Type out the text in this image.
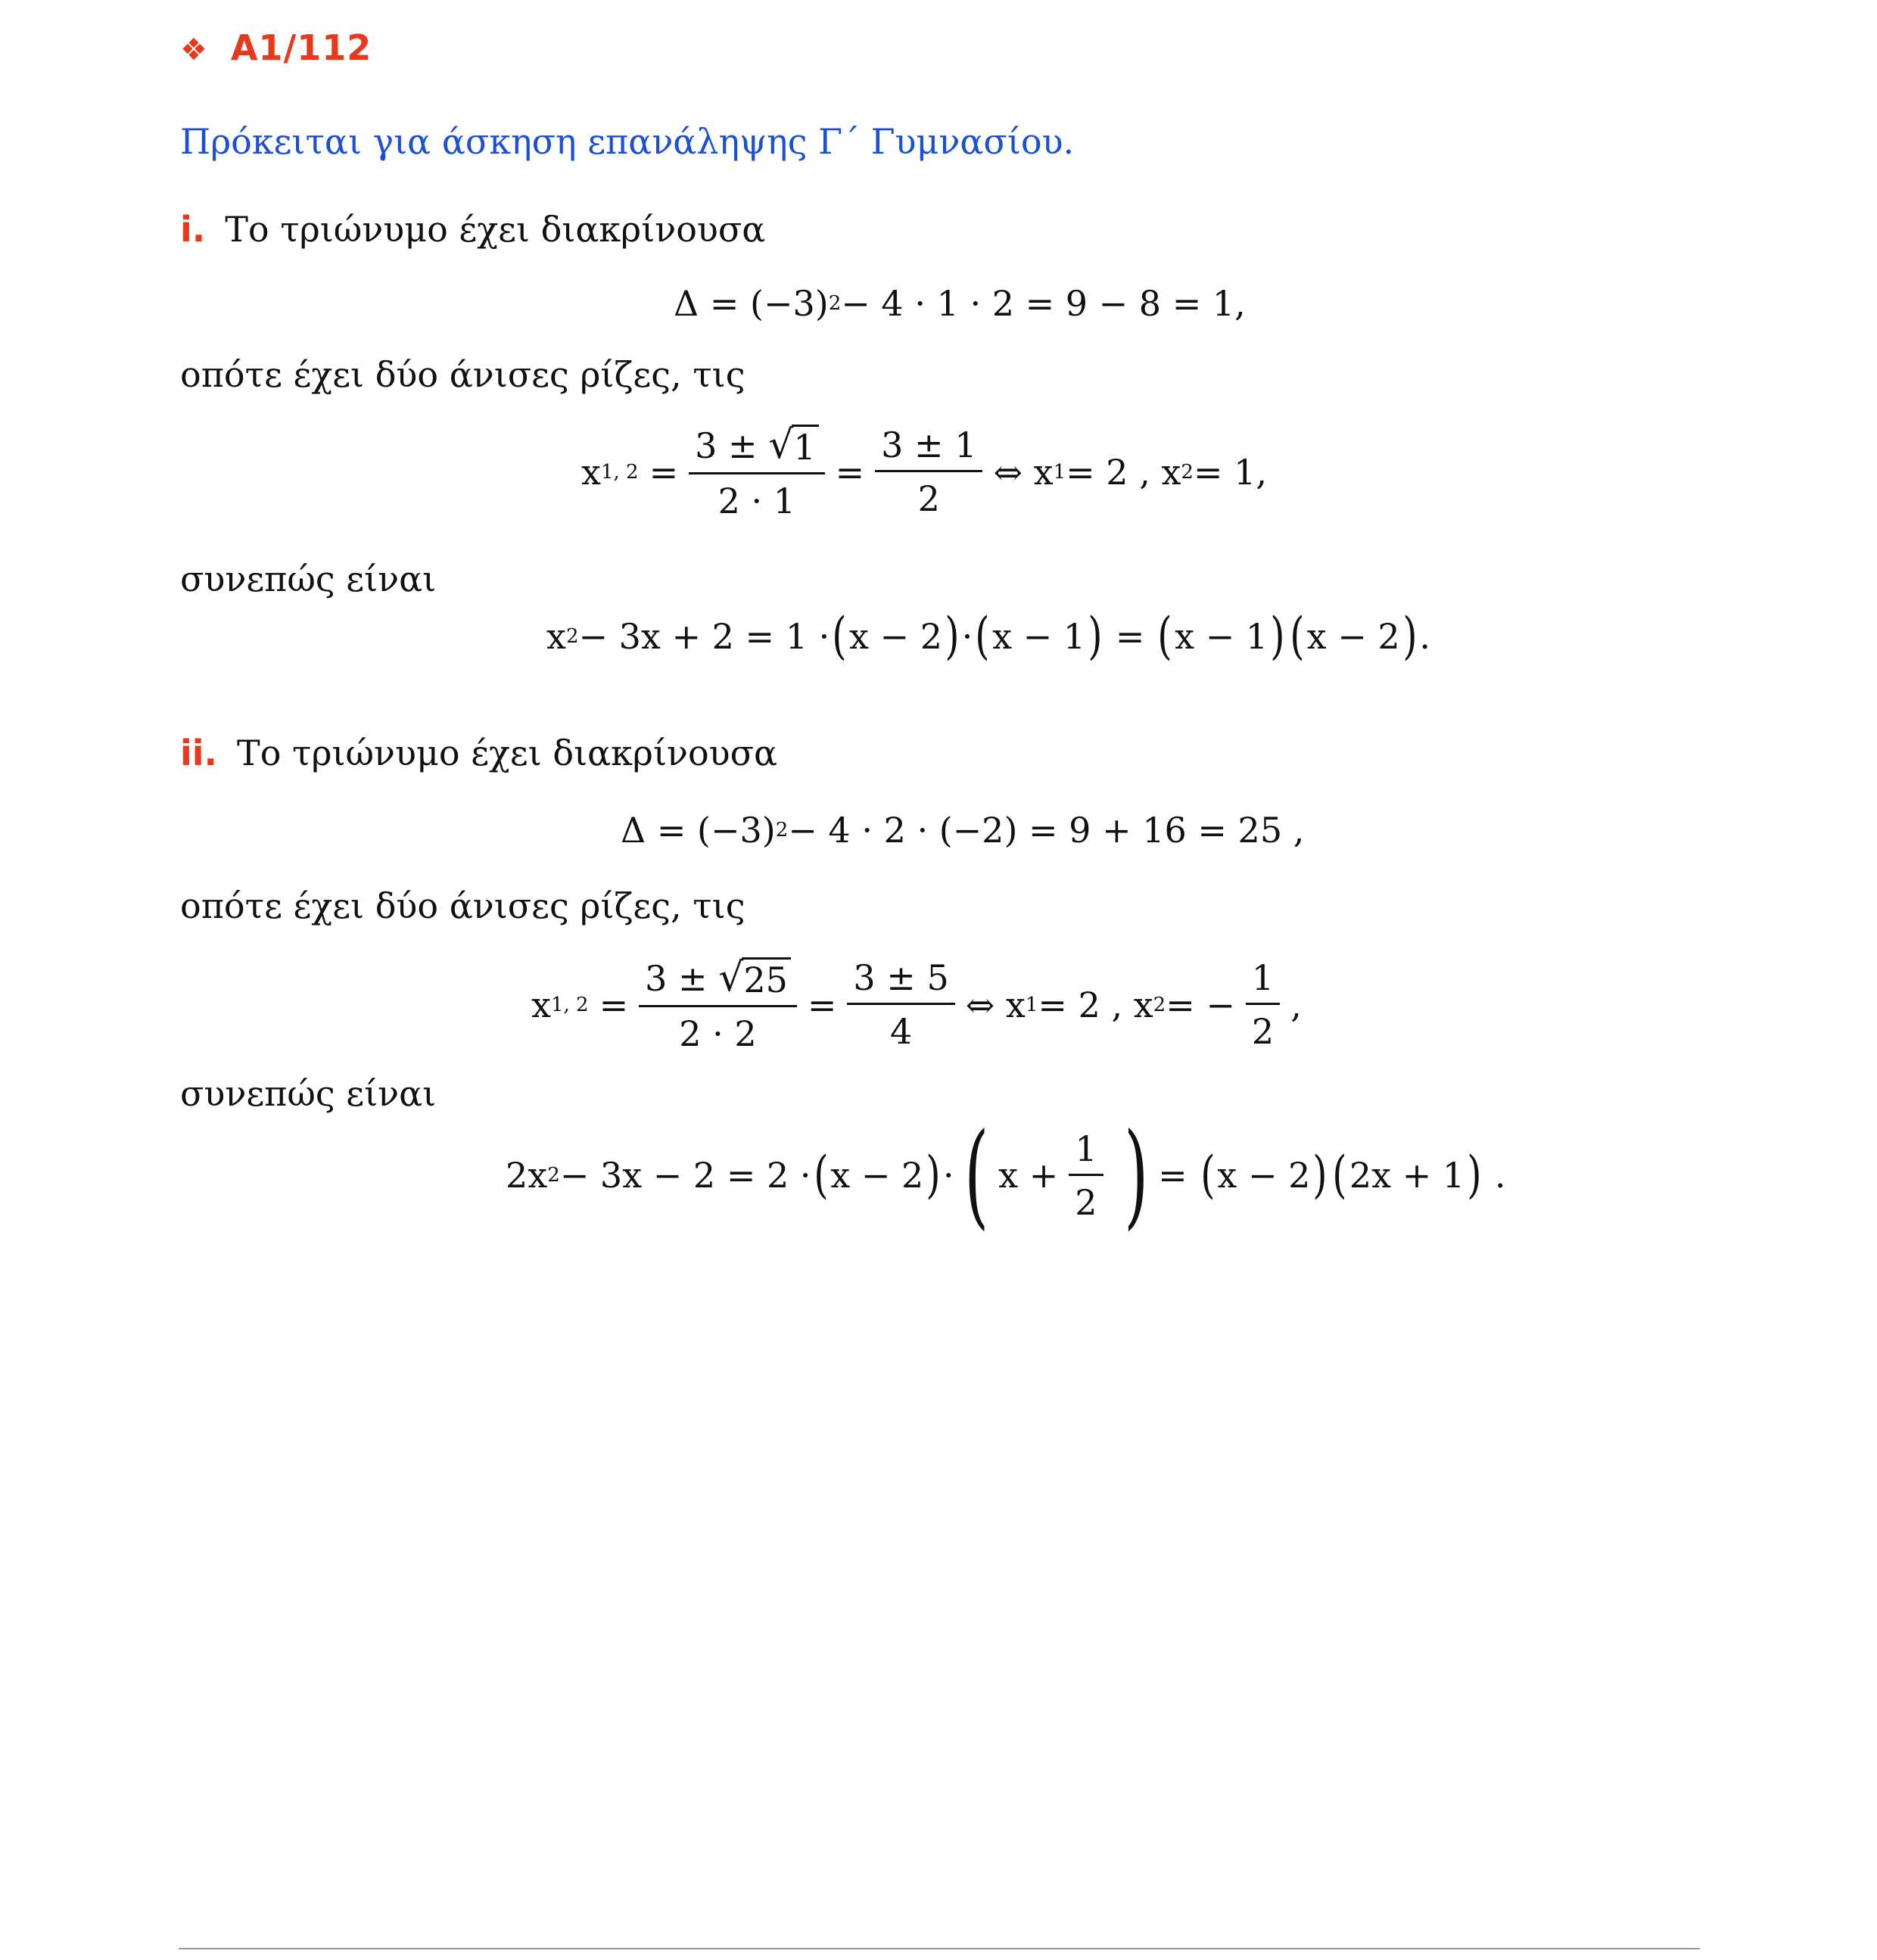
❖ A1/112
Πρόκειται για άσκηση επανάληψης Γ΄ Γυμνασίου.
i. Το τριώνυμο έχει διακρίνουσα
Δ = (−3) 2 − 4 · 1 · 2 = 9 − 8 = 1,
οπότε έχει δύο άνισες ρίζες, τις
x 1, $2 = \frac{3 \pm √ 1}{2 \cdot 1} = \frac{3 \pm 1}{2}$ ⇔ x 1 = 2 , x 2 = 1,
συνεπώς είναι
x 2 − 3x + 2 = 1 · ( x − 2 ) · ( x − 1 ) = ( x − 1 ) ( x − 2 ) .
ii. Το τριώνυμο έχει διακρίνουσα
Δ = (−3) 2 − 4 · 2 · (−2) = 9 + 16 = 25 ,
οπότε έχει δύο άνισες ρίζες, τις
x 1, $2 = \frac{3 \pm √ 25}{2 \cdot 2} = \frac{3 \pm 5}{4}$ ⇔ x 1 = 2 , x 2 = − $\frac{1}{2}$ ,
συνεπώς είναι
2x 2 − 3x − 2 = 2 · ( x − 2 ) · ( $x + \frac{1}{2}$ ) = ( x − 2 ) ( 2x + 1 ) .
